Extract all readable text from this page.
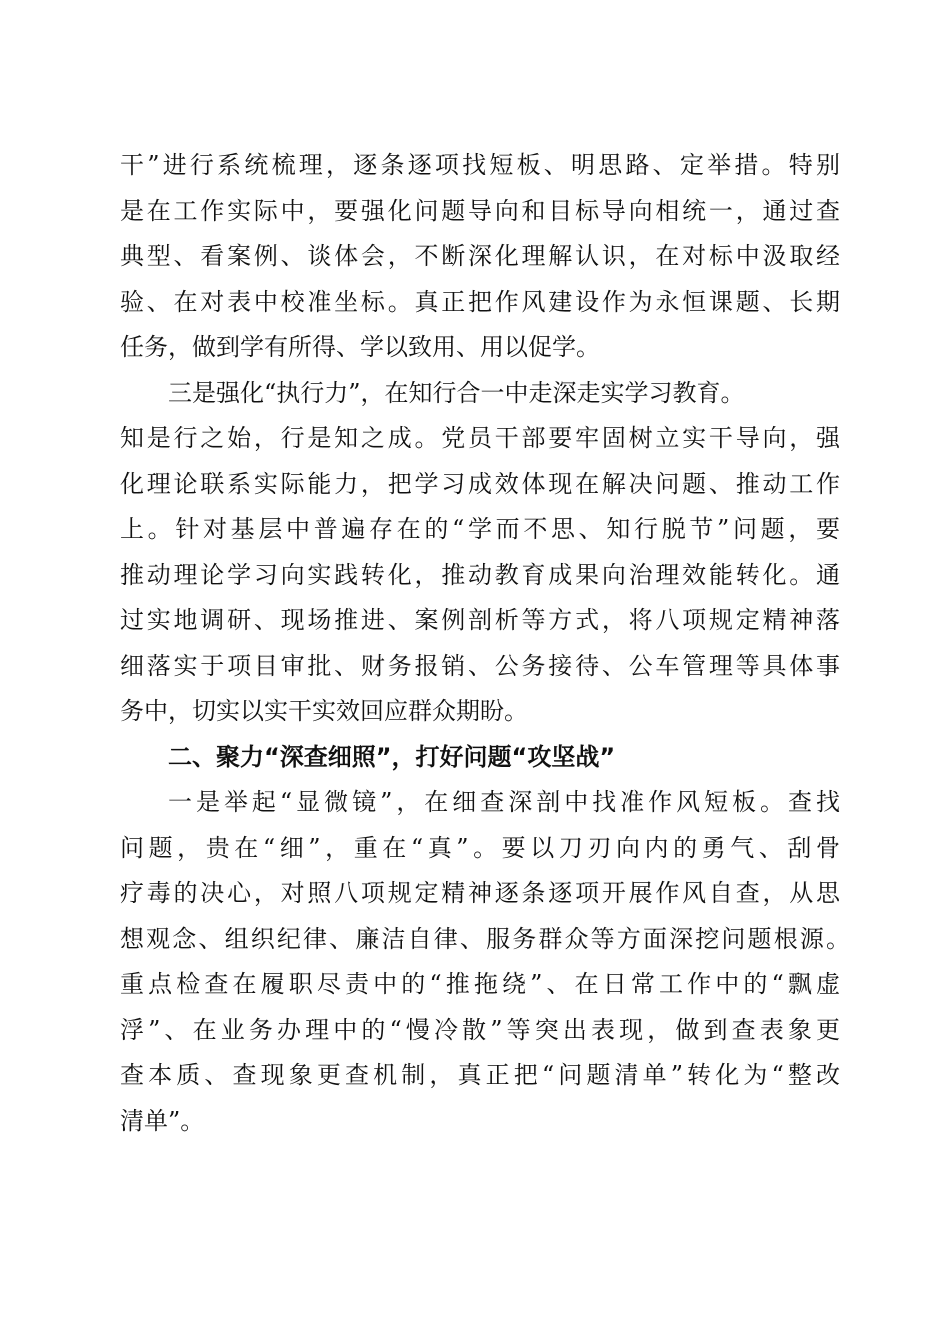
干”进行系统梳理，逐条逐项找短板、明思路、定举措。特别
是在工作实际中，要强化问题导向和目标导向相统一，通过查
典型、看案例、谈体会，不断深化理解认识，在对标中汲取经
验、在对表中校准坐标。真正把作风建设作为永恒课题、长期
任务，做到学有所得、学以致用、用以促学。
三是强化“执行力”，在知行合一中走深走实学习教育。
知是行之始，行是知之成。党员干部要牢固树立实干导向，强
化理论联系实际能力，把学习成效体现在解决问题、推动工作
上。针对基层中普遍存在的“学而不思、知行脱节”问题，要
推动理论学习向实践转化，推动教育成果向治理效能转化。通
过实地调研、现场推进、案例剖析等方式，将八项规定精神落
细落实于项目审批、财务报销、公务接待、公车管理等具体事
务中，切实以实干实效回应群众期盼。
二、聚力“深查细照”，打好问题“攻坚战”
一是举起“显微镜”，在细查深剖中找准作风短板。查找
问题，贵在“细”，重在“真”。要以刀刃向内的勇气、刮骨
疗毒的决心，对照八项规定精神逐条逐项开展作风自查，从思
想观念、组织纪律、廉洁自律、服务群众等方面深挖问题根源。
重点检查在履职尽责中的“推拖绕”、在日常工作中的“飘虚
浮”、在业务办理中的“慢冷散”等突出表现，做到查表象更
查本质、查现象更查机制，真正把“问题清单”转化为“整改
清单”。
